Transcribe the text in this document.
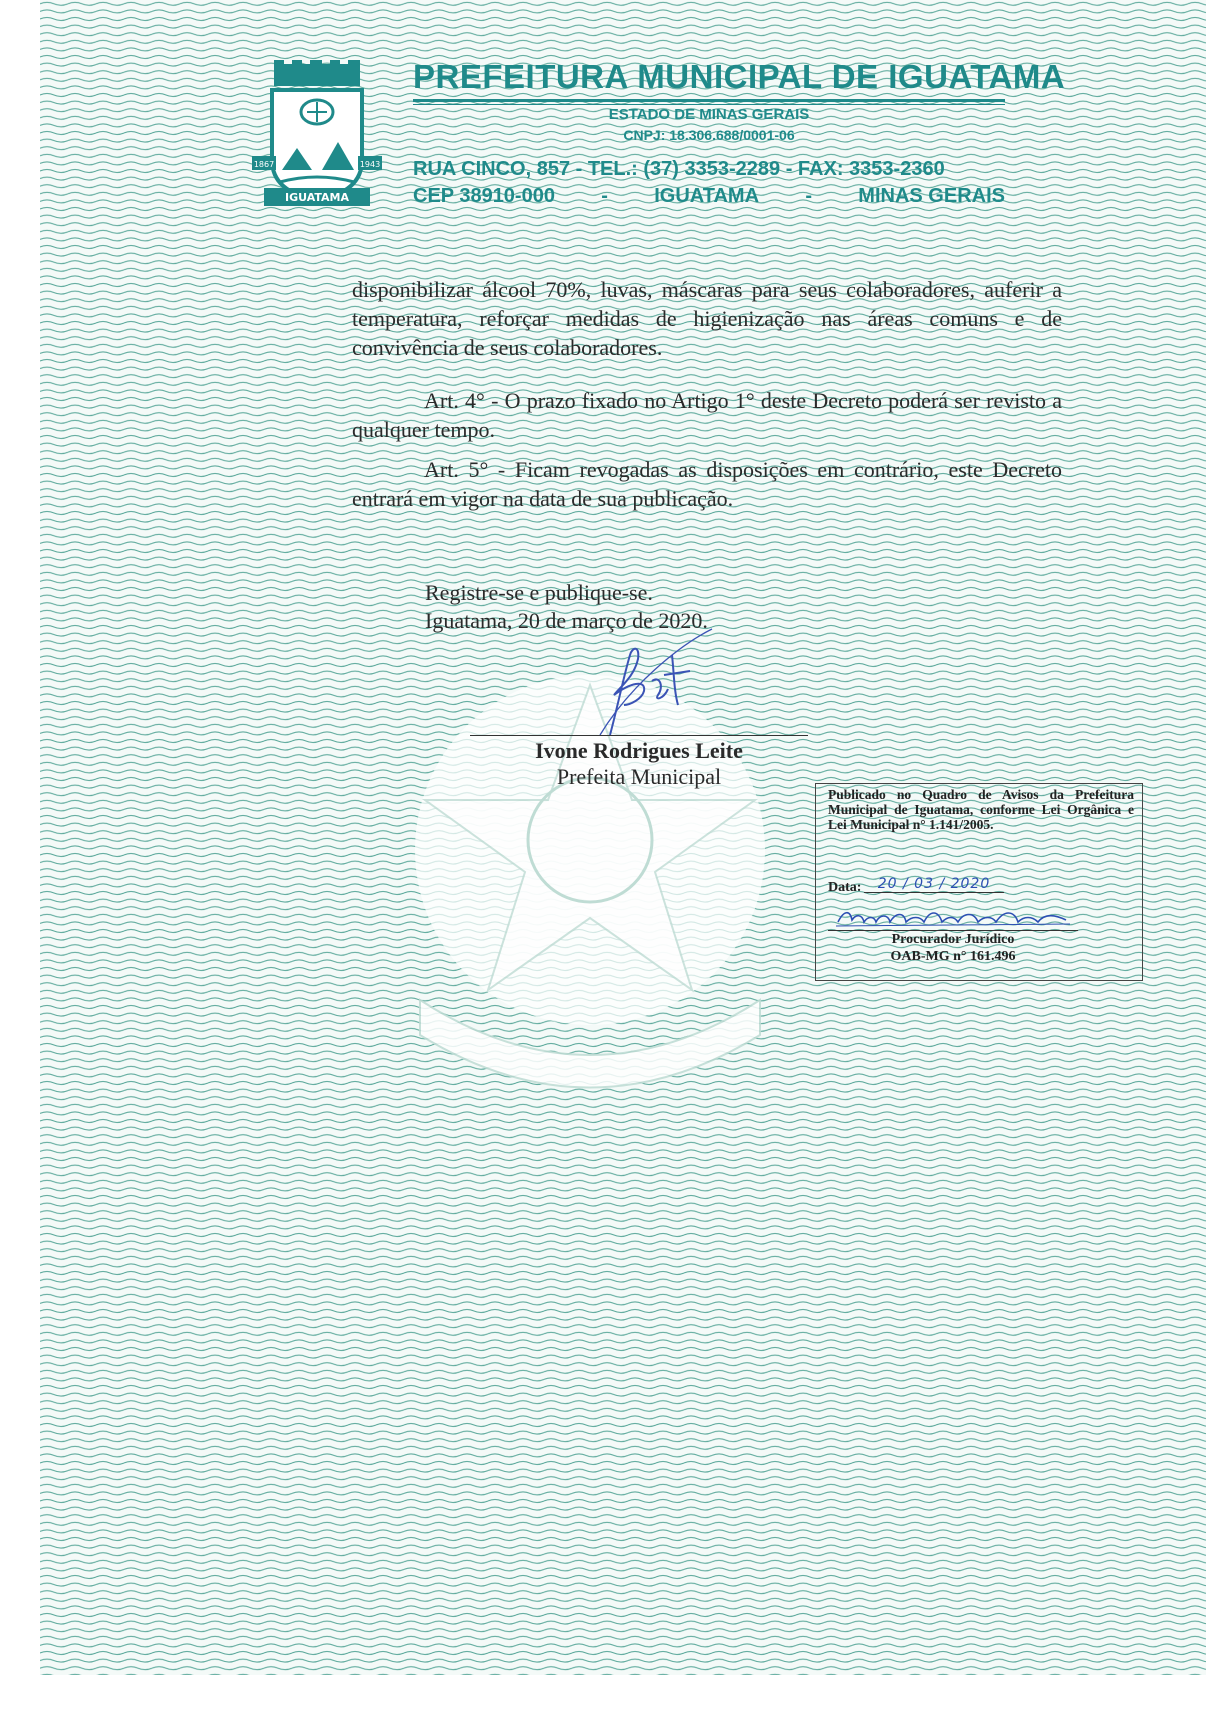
1867	1943
IGUATAMA
PREFEITURA MUNICIPAL DE IGUATAMA
ESTADO DE MINAS GERAIS
CNPJ: 18.306.688/0001-06
RUA CINCO, 857 - TEL.: (37) 3353-2289 - FAX: 3353-2360
CEP 38910-000 - IGUATAMA - MINAS GERAIS
disponibilizar álcool 70%, luvas, máscaras para seus colaboradores, auferir a temperatura, reforçar medidas de higienização nas áreas comuns e de convivência de seus colaboradores.
Art. 4° - O prazo fixado no Artigo 1° deste Decreto poderá ser revisto a qualquer tempo.
Art. 5° - Ficam revogadas as disposições em contrário, este Decreto entrará em vigor na data de sua publicação.
Registre-se e publique-se.
Iguatama, 20 de março de 2020.
Ivone Rodrigues Leite
Prefeita Municipal
Publicado no Quadro de Avisos da Prefeitura Municipal de Iguatama, conforme Lei Orgânica e Lei Municipal n° 1.141/2005.
Data:	20 / 03 / 2020
Procurador Jurídico
OAB-MG n° 161.496
